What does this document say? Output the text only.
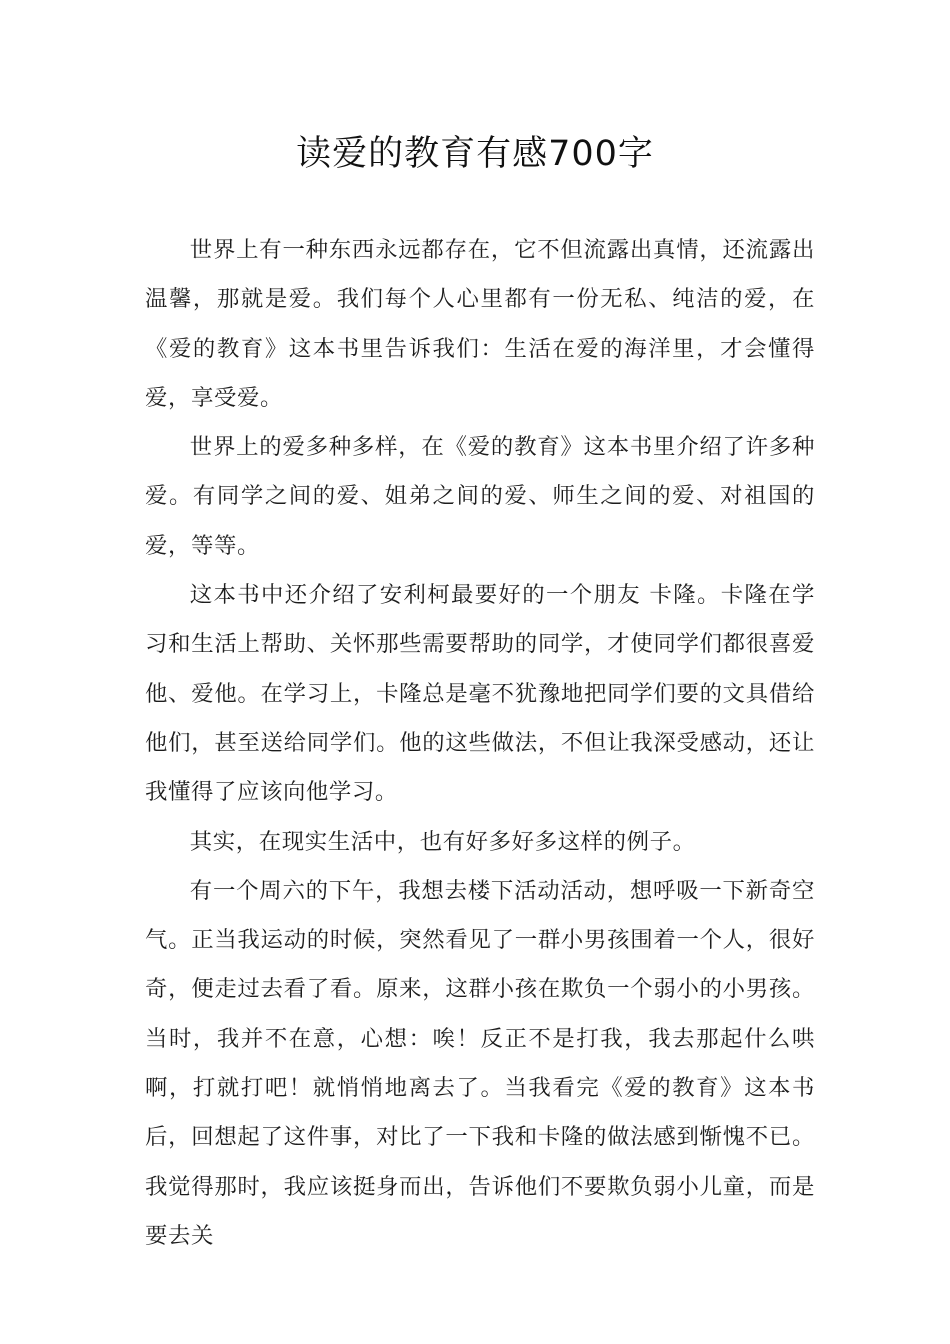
读爱的教育有感700字

世界上有一种东西永远都存在，它不但流露出真情，还流露出温馨，那就是爱。我们每个人心里都有一份无私、纯洁的爱，在《爱的教育》这本书里告诉我们：生活在爱的海洋里，才会懂得爱，享受爱。

世界上的爱多种多样，在《爱的教育》这本书里介绍了许多种爱。有同学之间的爱、姐弟之间的爱、师生之间的爱、对祖国的爱，等等。

这本书中还介绍了安利柯最要好的一个朋友 卡隆。卡隆在学习和生活上帮助、关怀那些需要帮助的同学，才使同学们都很喜爱他、爱他。在学习上，卡隆总是毫不犹豫地把同学们要的文具借给他们，甚至送给同学们。他的这些做法，不但让我深受感动，还让我懂得了应该向他学习。

其实，在现实生活中，也有好多好多这样的例子。

有一个周六的下午，我想去楼下活动活动，想呼吸一下新奇空气。正当我运动的时候，突然看见了一群小男孩围着一个人，很好奇，便走过去看了看。原来，这群小孩在欺负一个弱小的小男孩。当时，我并不在意，心想：唉！反正不是打我，我去那起什么哄啊，打就打吧！就悄悄地离去了。当我看完《爱的教育》这本书后，回想起了这件事，对比了一下我和卡隆的做法感到惭愧不已。我觉得那时，我应该挺身而出，告诉他们不要欺负弱小儿童，而是要去关
